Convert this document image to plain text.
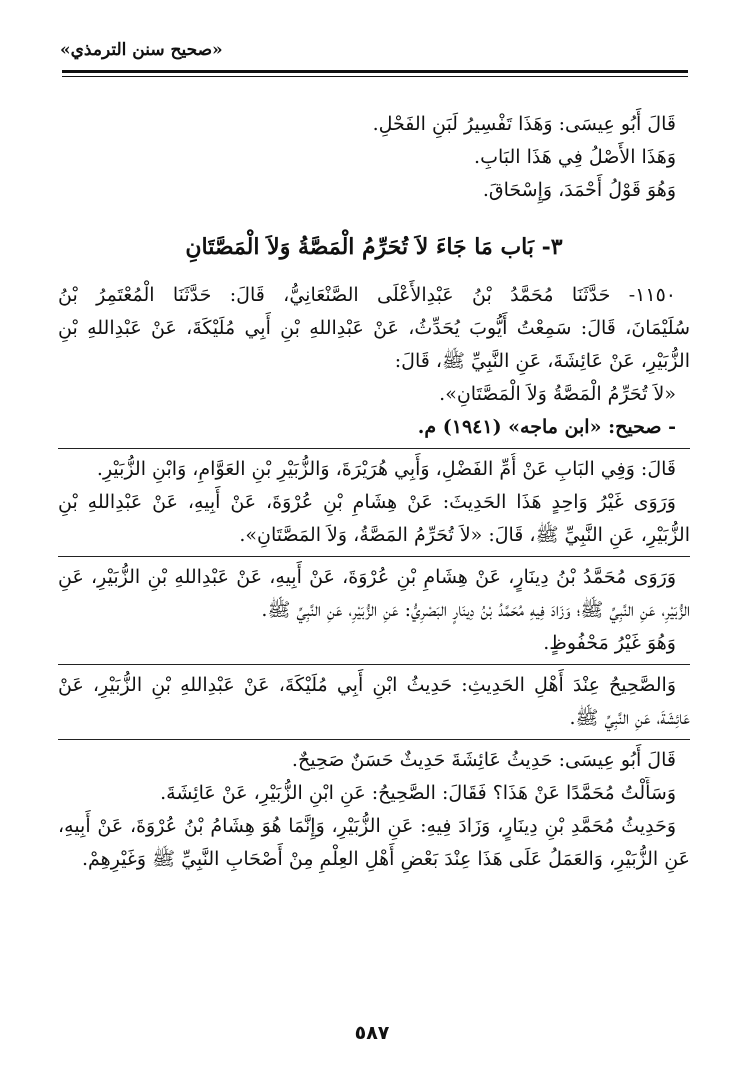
«صحيح سنن الترمذي»

قَالَ أَبُو عِيسَى: وَهَذَا تَفْسِيرُ لَبَنِ الفَحْلِ.

وَهَذَا الأَصْلُ فِي هَذَا البَابِ.

وَهُوَ قَوْلُ أَحْمَدَ، وَإِسْحَاقَ.

٣- بَاب مَا جَاءَ لاَ تُحَرِّمُ الْمَصَّةُ وَلاَ الْمَصَّتَانِ

١١٥٠- حَدَّثَنَا مُحَمَّدُ بْنُ عَبْدِالأَعْلَى الصَّنْعَانِيُّ، قَالَ: حَدَّثَنَا الْمُعْتَمِرُ بْنُ

سُلَيْمَانَ، قَالَ: سَمِعْتُ أَيُّوبَ يُحَدِّثُ، عَنْ عَبْدِاللهِ بْنِ أَبِي مُلَيْكَةَ، عَنْ عَبْدِاللهِ بْنِ

الزُّبَيْرِ، عَنْ عَائِشَةَ، عَنِ النَّبِيِّ ﷺ، قَالَ:

«لاَ تُحَرِّمُ الْمَصَّةُ وَلاَ الْمَصَّتَانِ».

- صحيح: «ابن ماجه» (١٩٤١) م.

قَالَ: وَفِي البَابِ عَنْ أُمِّ الفَضْلِ، وَأَبِي هُرَيْرَةَ، وَالزُّبَيْرِ بْنِ العَوَّامِ، وَابْنِ الزُّبَيْرِ.

وَرَوَى غَيْرُ وَاحِدٍ هَذَا الحَدِيثَ: عَنْ هِشَامِ بْنِ عُرْوَةَ، عَنْ أَبِيهِ، عَنْ عَبْدِاللهِ بْنِ

الزُّبَيْرِ، عَنِ النَّبِيِّ ﷺ، قَالَ: «لاَ تُحَرِّمُ المَصَّةُ، وَلاَ المَصَّتَانِ».

وَرَوَى مُحَمَّدُ بْنُ دِينَارٍ، عَنْ هِشَامِ بْنِ عُرْوَةَ، عَنْ أَبِيهِ، عَنْ عَبْدِاللهِ بْنِ الزُّبَيْرِ، عَنِ

الزُّبَيْرِ، عَنِ النَّبِيِّ ﷺ؛ وَزَادَ فِيهِ مُحَمَّدُ بْنُ دِينَارٍ البَصْرِيُّ: عَنِ الزُّبَيْرِ، عَنِ النَّبِيِّ ﷺ.

وَهُوَ غَيْرُ مَحْفُوظٍ.

وَالصَّحِيحُ عِنْدَ أَهْلِ الحَدِيثِ: حَدِيثُ ابْنِ أَبِي مُلَيْكَةَ، عَنْ عَبْدِاللهِ بْنِ الزُّبَيْرِ، عَنْ

عَائِشَةَ، عَنِ النَّبِيِّ ﷺ.

قَالَ أَبُو عِيسَى: حَدِيثُ عَائِشَةَ حَدِيثٌ حَسَنٌ صَحِيحٌ.

وَسَأَلْتُ مُحَمَّدًا عَنْ هَذَا؟ فَقَالَ: الصَّحِيحُ: عَنِ ابْنِ الزُّبَيْرِ، عَنْ عَائِشَةَ.

وَحَدِيثُ مُحَمَّدِ بْنِ دِينَارٍ، وَزَادَ فِيهِ: عَنِ الزُّبَيْرِ، وَإِنَّمَا هُوَ هِشَامُ بْنُ عُرْوَةَ، عَنْ أَبِيهِ،

عَنِ الزُّبَيْرِ، وَالعَمَلُ عَلَى هَذَا عِنْدَ بَعْضِ أَهْلِ العِلْمِ مِنْ أَصْحَابِ النَّبِيِّ ﷺ وَغَيْرِهِمْ.

٥٨٧
